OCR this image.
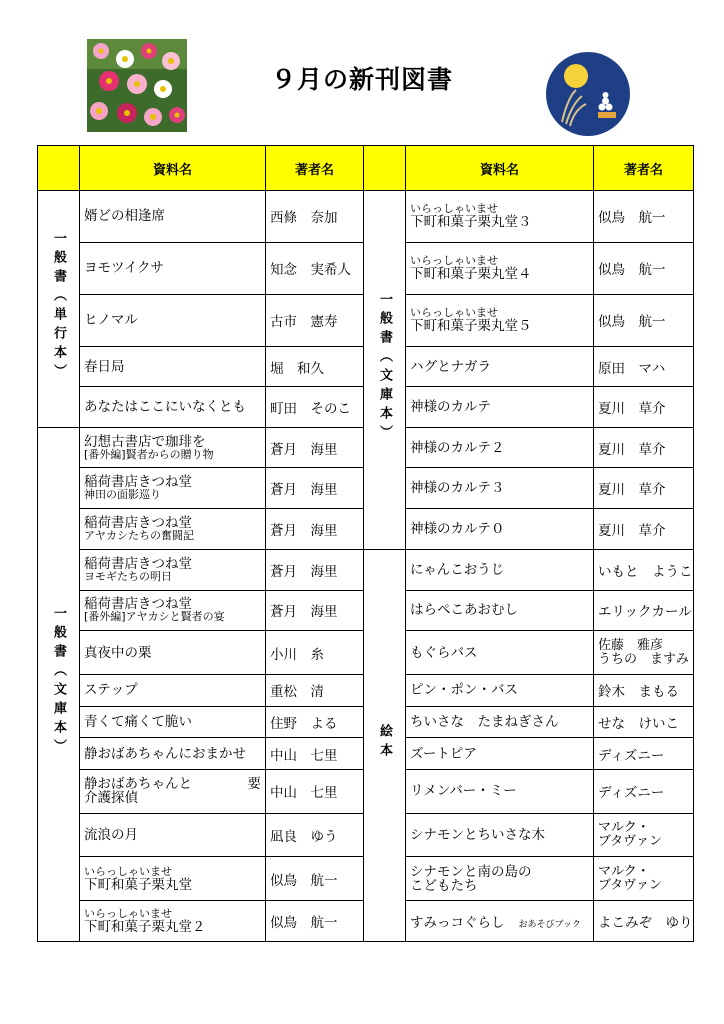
９月の新刊図書
	資料名	著者名		資料名	著者名
一般書（単行本）	婿どの相逢席	西條　奈加	一般書（文庫本）	いらっしゃいませ
下町和菓子栗丸堂３	似鳥　航一

	ヨモツイクサ	知念　実希人		いらっしゃいませ
下町和菓子栗丸堂４	似鳥　航一

	ヒノマル	古市　憲寿		いらっしゃいませ
下町和菓子栗丸堂５	似鳥　航一

	春日局	堀　和久		ハグとナガラ	原田　マハ

	あなたはここにいなくとも	町田　そのこ		神様のカルテ	夏川　草介
一般書（文庫本）	幻想古書店で珈琲を
[番外編]賢者からの贈り物	蒼月　海里		神様のカルテ２	夏川　草介

	稲荷書店きつね堂
神田の面影巡り	蒼月　海里		神様のカルテ３	夏川　草介

	稲荷書店きつね堂
アヤカシたちの奮闘記	蒼月　海里		神様のカルテ０	夏川　草介

	稲荷書店きつね堂
ヨモギたちの明日	蒼月　海里	絵本	にゃんこおうじ	いもと　ようこ

	稲荷書店きつね堂
[番外編]アヤカシと賢者の宴	蒼月　海里		はらぺこあおむし	エリックカール

	真夜中の栗	小川　糸		もぐらバス	佐藤　雅彦
うちの　ますみ

	ステップ	重松　清		ピン・ポン・バス	鈴木　まもる

	青くて痛くて脆い	住野　よる		ちいさな　たまねぎさん	せな　けいこ

	静おばあちゃんにおまかせ	中山　七里		ズートピア	ディズニー

	静おばあちゃんと 要
介護探偵	中山　七里		リメンバー・ミー	ディズニー

	流浪の月	凪良　ゆう		シナモンとちいさな木	マルク・
ブタヴァン

	いらっしゃいませ
下町和菓子栗丸堂	似鳥　航一		シナモンと南の島の
こどもたち	マルク・
ブタヴァン

	いらっしゃいませ
下町和菓子栗丸堂２	似鳥　航一		すみっコぐらし おあそびブック	よこみぞ　ゆり
